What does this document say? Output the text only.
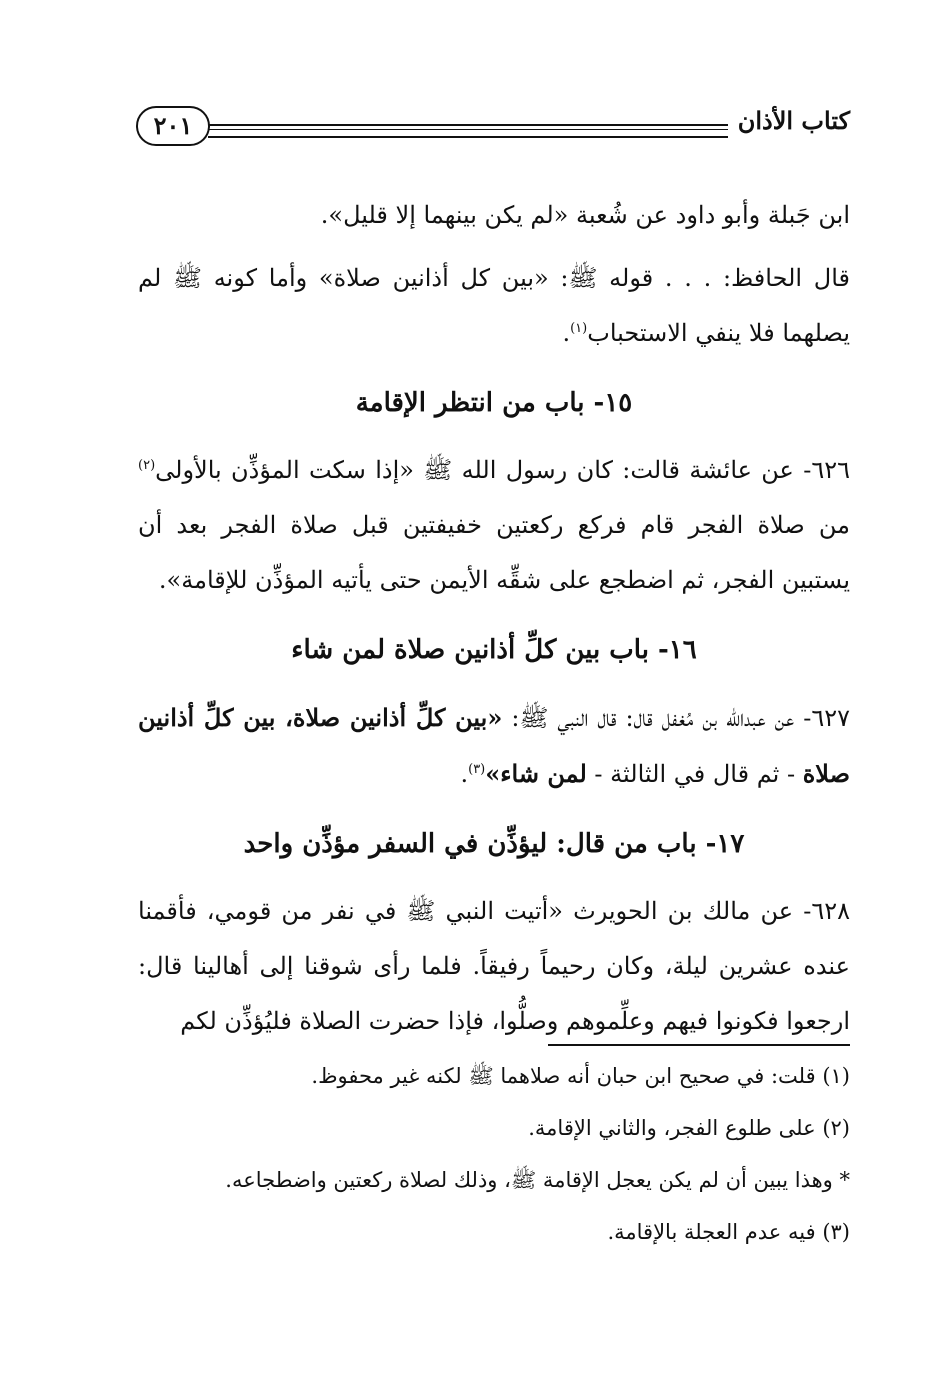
كتاب الأذان
٢٠١

ابن جَبلة وأبو داود عن شُعبة «لم يكن بينهما إلا قليل».

قال الحافظ: . . . قوله ﷺ: «بين كل أذانين صلاة» وأما كونه ﷺ لم يصلهما فلا ينفي الاستحباب$^{(١)}$.

١٥- باب من انتظر الإقامة

٦٢٦- عن عائشة قالت: كان رسول الله ﷺ «إذا سكت المؤذِّن بالأولى$^{(٢)}$ من صلاة الفجر قام فركع ركعتين خفيفتين قبل صلاة الفجر بعد أن يستبين الفجر، ثم اضطجع على شقِّه الأيمن حتى يأتيه المؤذِّن للإقامة».

١٦- باب بين كلِّ أذانين صلاة لمن شاء

٦٢٧- عن عبدالله بن مُغفل قال: قال النبي ﷺ: «بين كلِّ أذانين صلاة، بين كلِّ أذانين صلاة - ثم قال في الثالثة - لمن شاء»$^{(٣)}$.

١٧- باب من قال: ليؤذِّن في السفر مؤذِّن واحد

٦٢٨- عن مالك بن الحويرث «أتيت النبي ﷺ في نفر من قومي، فأقمنا عنده عشرين ليلة، وكان رحيماً رفيقاً. فلما رأى شوقنا إلى أهالينا قال: ارجعوا فكونوا فيهم وعلِّموهم وصلُّوا، فإذا حضرت الصلاة فليُؤذِّن لكم

(١) قلت: في صحيح ابن حبان أنه صلاهما ﷺ لكنه غير محفوظ.

(٢) على طلوع الفجر، والثاني الإقامة.

* وهذا يبين أن لم يكن يعجل الإقامة ﷺ، وذلك لصلاة ركعتين واضطجاعه.

(٣) فيه عدم العجلة بالإقامة.
